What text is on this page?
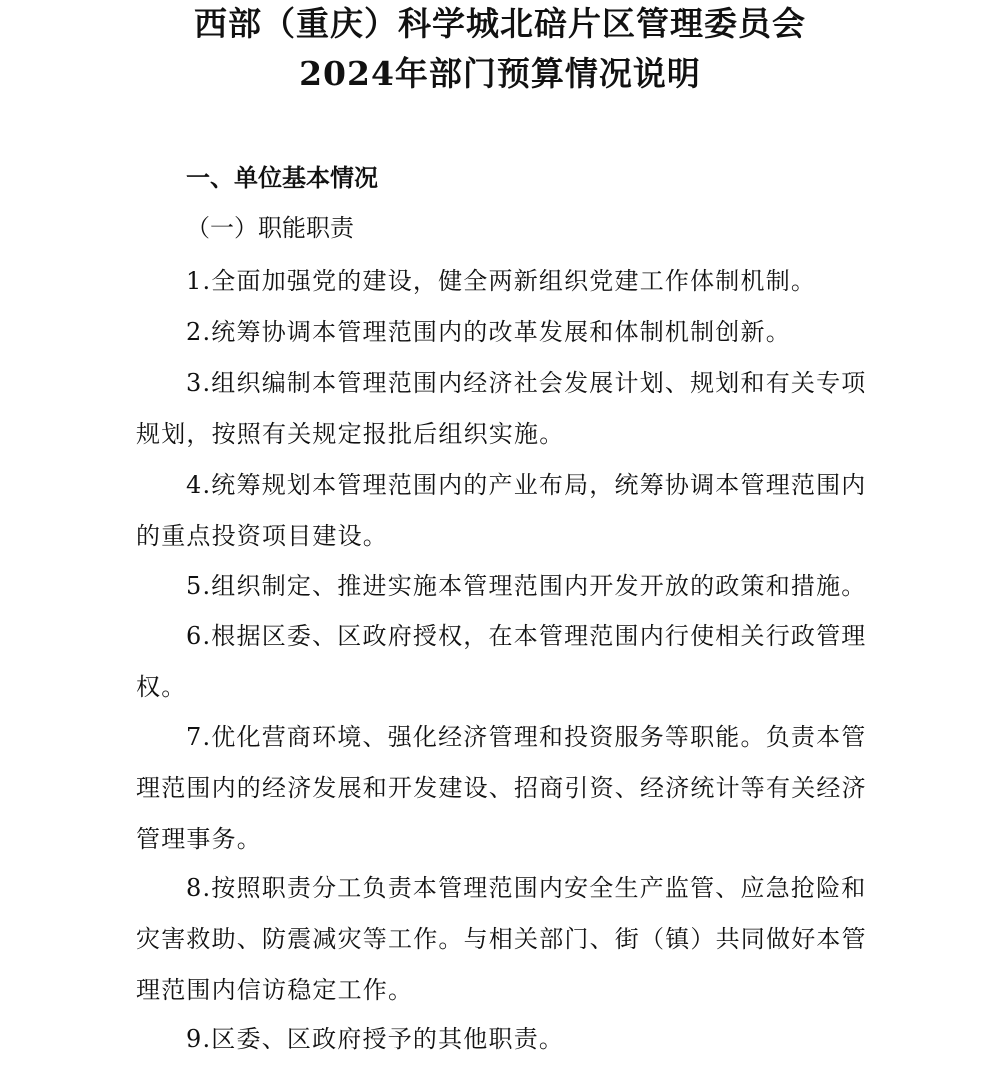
西部（重庆）科学城北碚片区管理委员会
2024年部门预算情况说明
一、单位基本情况
（一）职能职责
1.全面加强党的建设，健全两新组织党建工作体制机制。
2.统筹协调本管理范围内的改革发展和体制机制创新。
3.组织编制本管理范围内经济社会发展计划、规划和有关专项规划，按照有关规定报批后组织实施。
4.统筹规划本管理范围内的产业布局，统筹协调本管理范围内的重点投资项目建设。
5.组织制定、推进实施本管理范围内开发开放的政策和措施。
6.根据区委、区政府授权，在本管理范围内行使相关行政管理权。
7.优化营商环境、强化经济管理和投资服务等职能。负责本管理范围内的经济发展和开发建设、招商引资、经济统计等有关经济管理事务。
8.按照职责分工负责本管理范围内安全生产监管、应急抢险和灾害救助、防震减灾等工作。与相关部门、街（镇）共同做好本管理范围内信访稳定工作。
9.区委、区政府授予的其他职责。
